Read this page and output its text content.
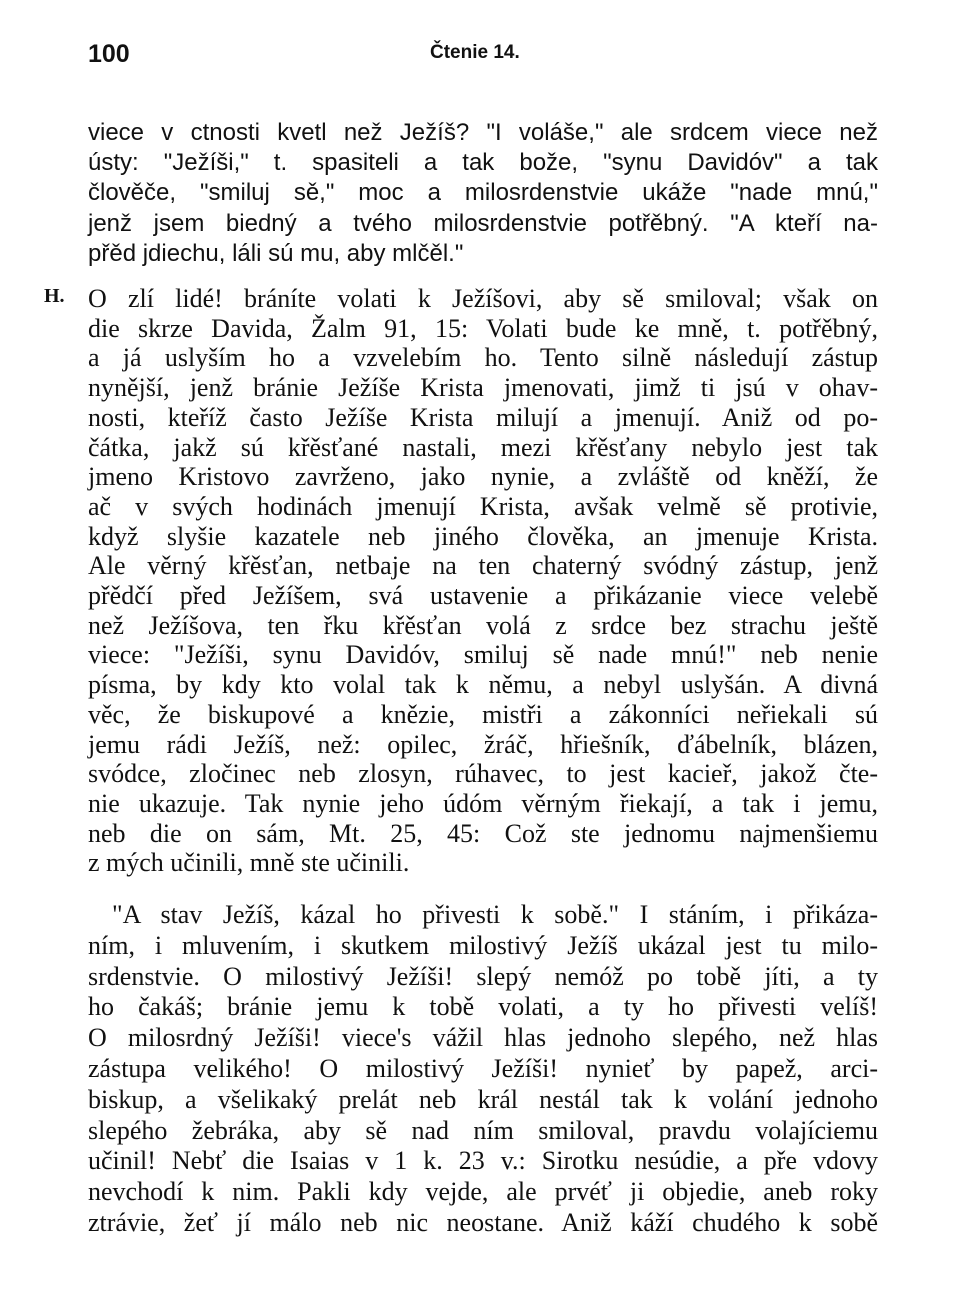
100	Čtenie 14.
H.
viece v ctnosti kvetl než Ježíš? "I voláše," ale srdcem viece než
ústy: "Ježíši," t. spasiteli a tak bože, "synu Davidóv" a tak
člověče, "smiluj sě," moc a milosrdenstvie ukáže "nade mnú,"
jenž jsem biedný a tvého milosrdenstvie potřěbný. "A kteří na-
přěd jdiechu, láli sú mu, aby mlčěl."
O zlí lidé! bráníte volati k Ježíšovi, aby sě smiloval; však on
die skrze Davida, Žalm 91, 15: Volati bude ke mně, t. potřěbný,
a já uslyším ho a vzvelebím ho. Tento silně následují zástup
nynější, jenž bránie Ježíše Krista jmenovati, jimž ti jsú v ohav-
nosti, kteříž často Ježíše Krista milují a jmenují. Aniž od po-
čátka, jakž sú křěsťané nastali, mezi křěsťany nebylo jest tak
jmeno Kristovo zavrženo, jako nynie, a zvláště od kněží, že
ač v svých hodinách jmenují Krista, avšak velmě sě protivie,
když slyšie kazatele neb jiného člověka, an jmenuje Krista.
Ale věrný křěsťan, netbaje na ten chaterný svódný zástup, jenž
přědčí před Ježíšem, svá ustavenie a přikázanie viece velebě
než Ježíšova, ten řku křěsťan volá z srdce bez strachu ještě
viece: "Ježíši, synu Davidóv, smiluj sě nade mnú!" neb nenie
písma, by kdy kto volal tak k němu, a nebyl uslyšán. A divná
věc, že biskupové a knězie, mistři a zákonníci neřiekali sú
jemu rádi Ježíš, než: opilec, žráč, hřiešník, ďábelník, blázen,
svódce, zločinec neb zlosyn, rúhavec, to jest kacieř, jakož čte-
nie ukazuje. Tak nynie jeho údóm věrným řiekají, a tak i jemu,
neb die on sám, Mt. 25, 45: Což ste jednomu najmenšiemu
z mých učinili, mně ste učinili.
"A stav Ježíš, kázal ho přivesti k sobě." I stáním, i přikáza-
ním, i mluvením, i skutkem milostivý Ježíš ukázal jest tu milo-
srdenstvie. O milostivý Ježíši! slepý nemóž po tobě jíti, a ty
ho čakáš; bránie jemu k tobě volati, a ty ho přivesti velíš!
O milosrdný Ježíši! viece's vážil hlas jednoho slepého, než hlas
zástupa velikého! O milostivý Ježíši! nynieť by papež, arci-
biskup, a všelikaký prelát neb král nestál tak k volání jednoho
slepého žebráka, aby sě nad ním smiloval, pravdu volajíciemu
učinil! Nebť die Isaias v 1 k. 23 v.: Sirotku nesúdie, a pře vdovy
nevchodí k nim. Pakli kdy vejde, ale prvéť ji objedie, aneb roky
ztrávie, žeť jí málo neb nic neostane. Aniž káží chudého k sobě
